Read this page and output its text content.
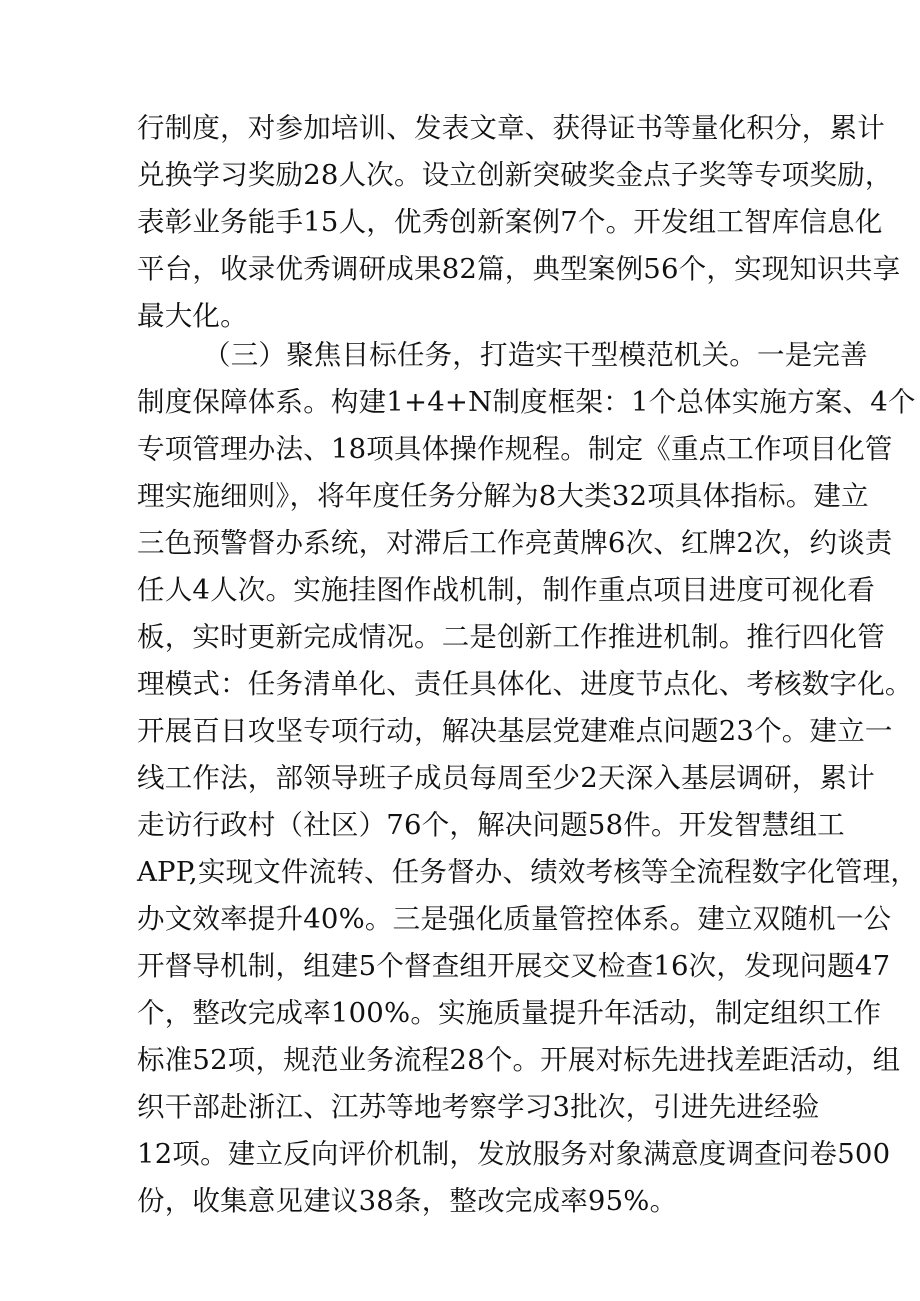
行制度，对参加培训、发表文章、获得证书等量化积分，累计
兑换学习奖励28人次。设立创新突破奖金点子奖等专项奖励，
表彰业务能手15人，优秀创新案例7个。开发组工智库信息化
平台，收录优秀调研成果82篇，典型案例56个，实现知识共享
最大化。
（三）聚焦目标任务，打造实干型模范机关。一是完善
制度保障体系。构建1+4+N制度框架：1个总体实施方案、4个
专项管理办法、18项具体操作规程。制定《重点工作项目化管
理实施细则》，将年度任务分解为8大类32项具体指标。建立
三色预警督办系统，对滞后工作亮黄牌6次、红牌2次，约谈责
任人4人次。实施挂图作战机制，制作重点项目进度可视化看
板，实时更新完成情况。二是创新工作推进机制。推行四化管
理模式：任务清单化、责任具体化、进度节点化、考核数字化。
开展百日攻坚专项行动，解决基层党建难点问题23个。建立一
线工作法，部领导班子成员每周至少2天深入基层调研，累计
走访行政村（社区）76个，解决问题58件。开发智慧组工
APP,实现文件流转、任务督办、绩效考核等全流程数字化管理，
办文效率提升40%。三是强化质量管控体系。建立双随机一公
开督导机制，组建5个督查组开展交叉检查16次，发现问题47
个，整改完成率100%。实施质量提升年活动，制定组织工作
标准52项，规范业务流程28个。开展对标先进找差距活动，组
织干部赴浙江、江苏等地考察学习3批次，引进先进经验
12项。建立反向评价机制，发放服务对象满意度调查问卷500
份，收集意见建议38条，整改完成率95%。
